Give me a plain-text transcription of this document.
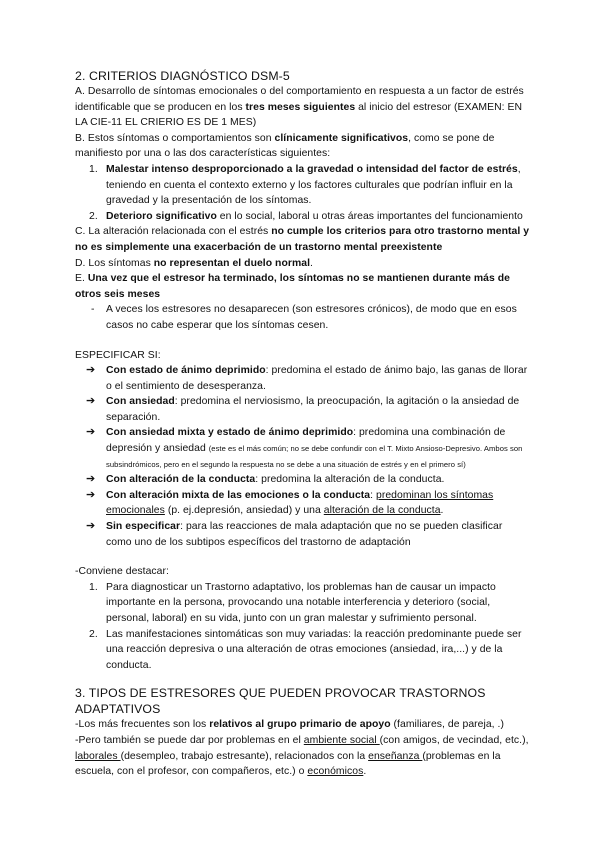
2. CRITERIOS DIAGNÓSTICO DSM-5

A. Desarrollo de síntomas emocionales o del comportamiento en respuesta a un factor de estrés identificable que se producen en los tres meses siguientes al inicio del estresor (EXAMEN: EN LA CIE-11 EL CRIERIO ES DE 1 MES)

B. Estos síntomas o comportamientos son clínicamente significativos, como se pone de manifiesto por una o las dos características siguientes:

1. Malestar intenso desproporcionado a la gravedad o intensidad del factor de estrés, teniendo en cuenta el contexto externo y los factores culturales que podrían influir en la gravedad y la presentación de los síntomas.
2. Deterioro significativo en lo social, laboral u otras áreas importantes del funcionamiento

C. La alteración relacionada con el estrés no cumple los criterios para otro trastorno mental y no es simplemente una exacerbación de un trastorno mental preexistente

D. Los síntomas no representan el duelo normal.

E. Una vez que el estresor ha terminado, los síntomas no se mantienen durante más de otros seis meses

- A veces los estresores no desaparecen (son estresores crónicos), de modo que en esos casos no cabe esperar que los síntomas cesen.

ESPECIFICAR SI:

➔ Con estado de ánimo deprimido: predomina el estado de ánimo bajo, las ganas de llorar o el sentimiento de desesperanza.
➔ Con ansiedad: predomina el nerviosismo, la preocupación, la agitación o la ansiedad de separación.
➔ Con ansiedad mixta y estado de ánimo deprimido: predomina una combinación de depresión y ansiedad (este es el más común; no se debe confundir con el T. Mixto Ansioso-Depresivo. Ambos son subsindrómicos, pero en el segundo la respuesta no se debe a una situación de estrés y en el primero sí)
➔ Con alteración de la conducta: predomina la alteración de la conducta.
➔ Con alteración mixta de las emociones o la conducta: predominan los síntomas emocionales (p. ej.depresión, ansiedad) y una alteración de la conducta.
➔ Sin especificar: para las reacciones de mala adaptación que no se pueden clasificar como uno de los subtipos específicos del trastorno de adaptación

-Conviene destacar:

1. Para diagnosticar un Trastorno adaptativo, los problemas han de causar un impacto importante en la persona, provocando una notable interferencia y deterioro (social, personal, laboral) en su vida, junto con un gran malestar y sufrimiento personal.
2. Las manifestaciones sintomáticas son muy variadas: la reacción predominante puede ser una reacción depresiva o una alteración de otras emociones (ansiedad, ira,...) y de la conducta.

3. TIPOS DE ESTRESORES QUE PUEDEN PROVOCAR TRASTORNOS ADAPTATIVOS

-Los más frecuentes son los relativos al grupo primario de apoyo (familiares, de pareja, .)

-Pero también se puede dar por problemas en el ambiente social (con amigos, de vecindad, etc.), laborales (desempleo, trabajo estresante), relacionados con la enseñanza (problemas en la escuela, con el profesor, con compañeros, etc.) o económicos.
